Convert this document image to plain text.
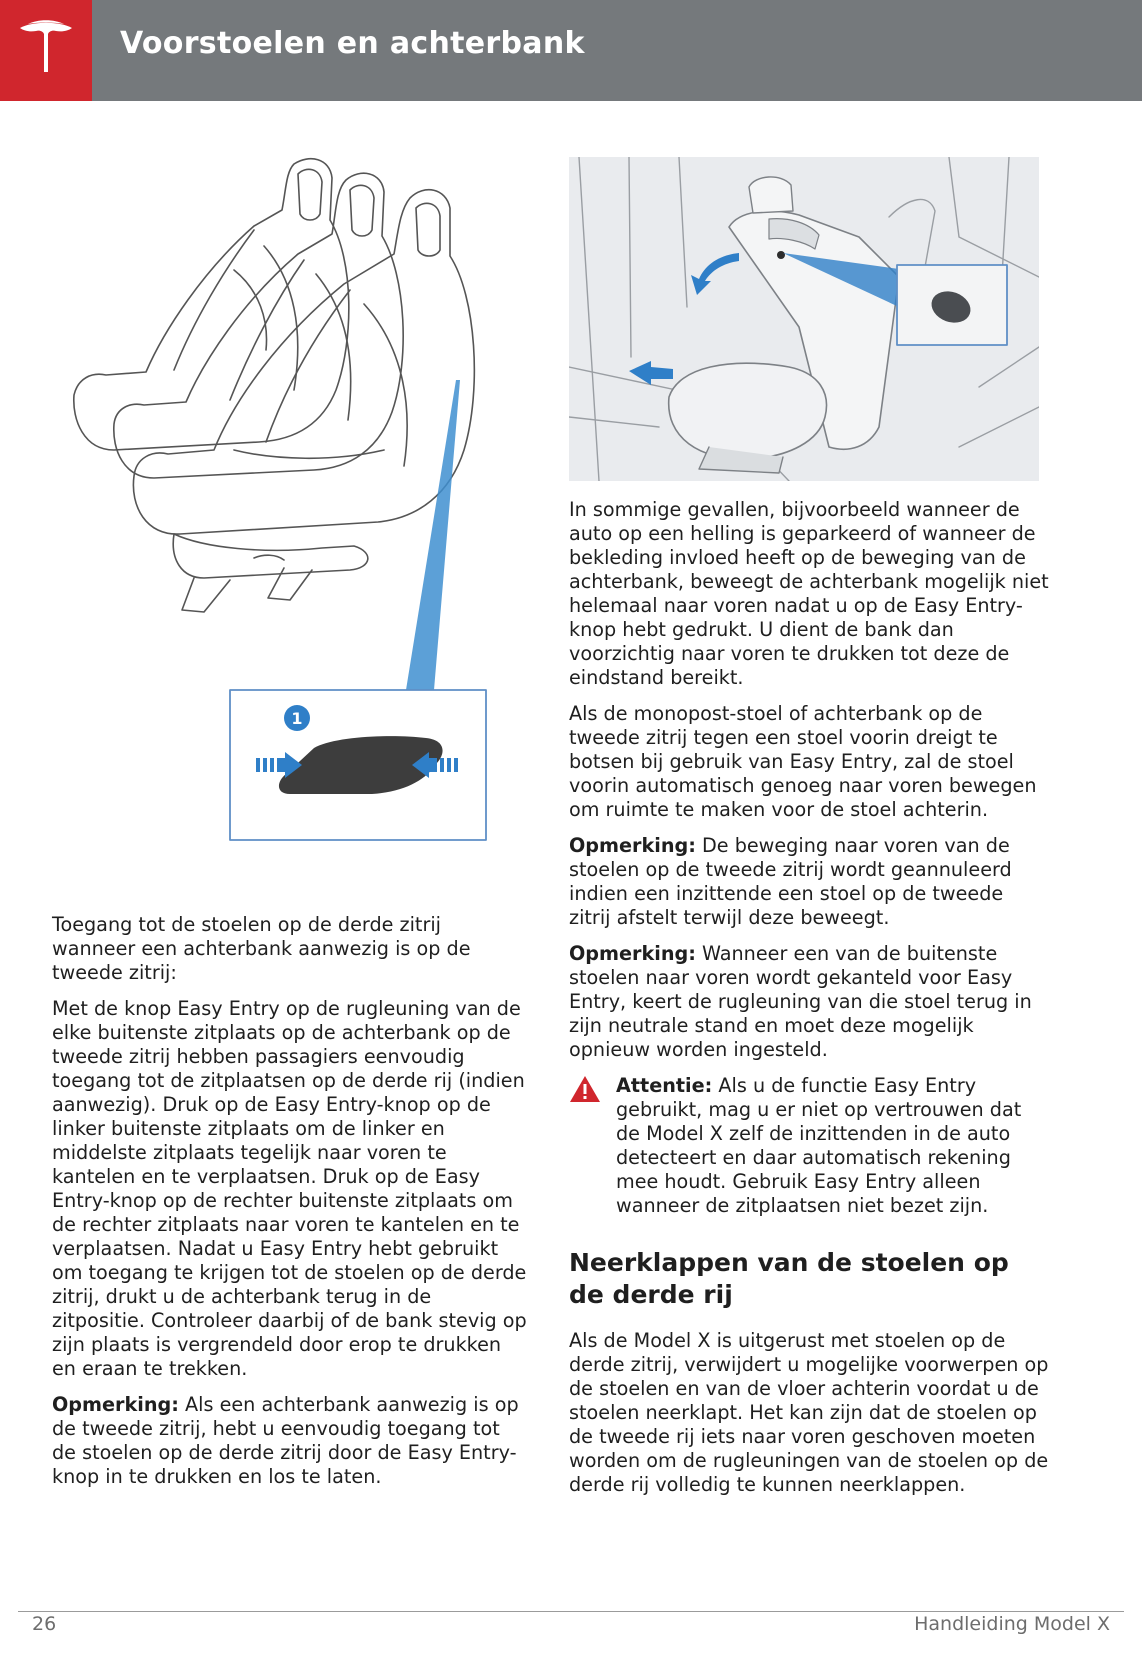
Voorstoelen en achterbank
1

Toegang tot de stoelen op de derde zitrij wanneer een achterbank aanwezig is op de tweede zitrij:

Met de knop Easy Entry op de rugleuning van de elke buitenste zitplaats op de achterbank op de tweede zitrij hebben passagiers eenvoudig toegang tot de zitplaatsen op de derde rij (indien aanwezig). Druk op de Easy Entry-knop op de linker buitenste zitplaats om de linker en middelste zitplaats tegelijk naar voren te kantelen en te verplaatsen. Druk op de Easy Entry-knop op de rechter buitenste zitplaats om de rechter zitplaats naar voren te kantelen en te verplaatsen. Nadat u Easy Entry hebt gebruikt om toegang te krijgen tot de stoelen op de derde zitrij, drukt u de achterbank terug in de zitpositie. Controleer daarbij of de bank stevig op zijn plaats is vergrendeld door erop te drukken en eraan te trekken.

Opmerking: Als een achterbank aanwezig is op de tweede zitrij, hebt u eenvoudig toegang tot de stoelen op de derde zitrij door de Easy Entry-knop in te drukken en los te laten.

In sommige gevallen, bijvoorbeeld wanneer de auto op een helling is geparkeerd of wanneer de bekleding invloed heeft op de beweging van de achterbank, beweegt de achterbank mogelijk niet helemaal naar voren nadat u op de Easy Entry-knop hebt gedrukt. U dient de bank dan voorzichtig naar voren te drukken tot deze de eindstand bereikt.

Als de monopost-stoel of achterbank op de tweede zitrij tegen een stoel voorin dreigt te botsen bij gebruik van Easy Entry, zal de stoel voorin automatisch genoeg naar voren bewegen om ruimte te maken voor de stoel achterin.

Opmerking: De beweging naar voren van de stoelen op de tweede zitrij wordt geannuleerd indien een inzittende een stoel op de tweede zitrij afstelt terwijl deze beweegt.

Opmerking: Wanneer een van de buitenste stoelen naar voren wordt gekanteld voor Easy Entry, keert de rugleuning van die stoel terug in zijn neutrale stand en moet deze mogelijk opnieuw worden ingesteld.

Attentie: Als u de functie Easy Entry gebruikt, mag u er niet op vertrouwen dat de Model X zelf de inzittenden in de auto detecteert en daar automatisch rekening mee houdt. Gebruik Easy Entry alleen wanneer de zitplaatsen niet bezet zijn.

Neerklappen van de stoelen op de derde rij

Als de Model X is uitgerust met stoelen op de derde zitrij, verwijdert u mogelijke voorwerpen op de stoelen en van de vloer achterin voordat u de stoelen neerklapt. Het kan zijn dat de stoelen op de tweede rij iets naar voren geschoven moeten worden om de rugleuningen van de stoelen op de derde rij volledig te kunnen neerklappen.

26	Handleiding Model X
